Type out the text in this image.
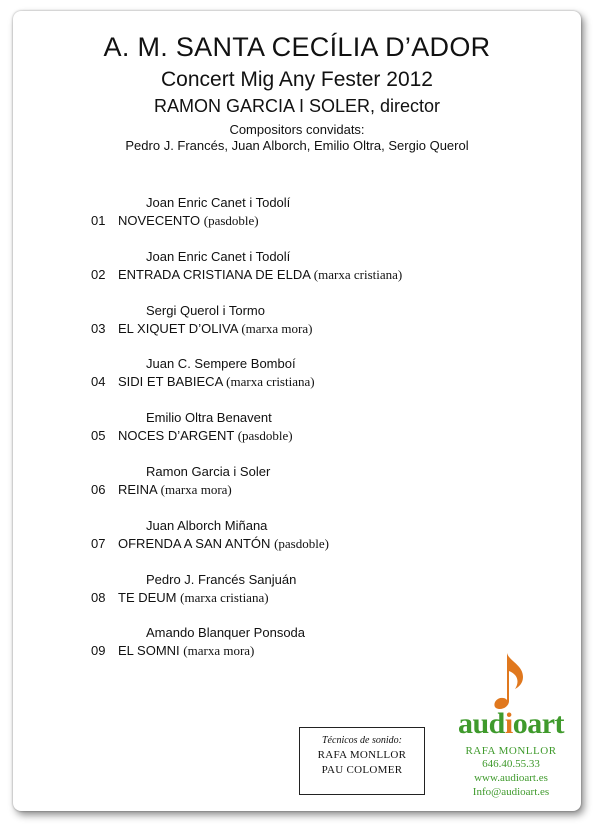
A. M. SANTA CECÍLIA D’ADOR
Concert Mig Any Fester 2012
RAMON GARCIA I SOLER, director
Compositors convidats:
Pedro J. Francés, Juan Alborch, Emilio Oltra, Sergio Querol
Joan Enric Canet i Todolí
01 NOVECENTO (pasdoble)
Joan Enric Canet i Todolí
02 ENTRADA CRISTIANA DE ELDA (marxa cristiana)
Sergi Querol i Tormo
03 EL XIQUET D’OLIVA (marxa mora)
Juan C. Sempere Bomboí
04 SIDI ET BABIECA (marxa cristiana)
Emilio Oltra Benavent
05 NOCES D’ARGENT (pasdoble)
Ramon Garcia i Soler
06 REINA (marxa mora)
Juan Alborch Miñana
07 OFRENDA A SAN ANTÓN (pasdoble)
Pedro J. Francés Sanjuán
08 TE DEUM (marxa cristiana)
Amando Blanquer Ponsoda
09 EL SOMNI (marxa mora)
Técnicos de sonido:
RAFA MONLLOR
PAU COLOMER
audioart
RAFA MONLLOR
646.40.55.33
www.audioart.es
Info@audioart.es
